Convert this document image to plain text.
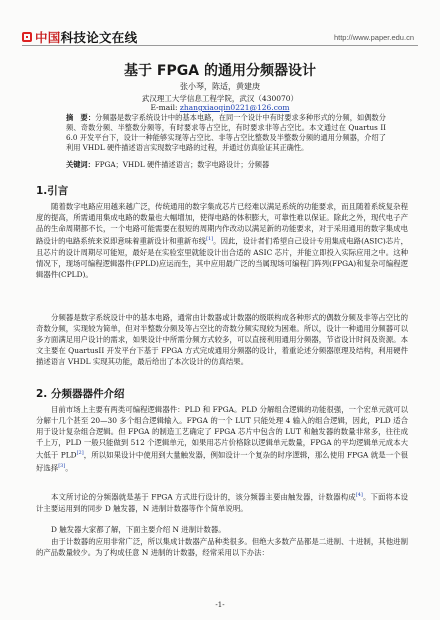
中国 科技论文在线	http://www.paper.edu.cn
基于 FPGA 的通用分频器设计
张小琴，陈适，黄建庚
武汉理工大学信息工程学院，武汉（430070）
E-mail: zhangxiaoqin0221@126.com
摘　要：分频器是数字系统设计中的基本电路，在同一个设计中有时要求多种形式的分频，如偶数分频、奇数分频、半整数分频等，有时要求等占空比，有时要求非等占空比。本文通过在 Quartus II 6.0 开发平台下，设计一种能够实现等占空比、非等占空比整数及半整数分频的通用分频器，介绍了利用 VHDL 硬件描述语言实现数字电路的过程，并通过仿真验证其正确性。
关键词：FPGA；VHDL 硬件描述语言；数字电路设计；分频器
1.引言
随着数字电路应用越来越广泛，传统通用的数字集成芯片已经难以满足系统的功能要求，而且随着系统复杂程度的提高，所需通用集成电路的数量也大幅增加，使得电路的体积膨大，可靠性难以保证。除此之外，现代电子产品的生命周期都不长，一个电路可能需要在很短的周期内作改动以满足新的功能要求，对于采用通用的数字集成电路设计的电路系统来说即意味着重新设计和重新布线[1]。因此，设计者们希望自己设计专用集成电路(ASIC)芯片，且芯片的设计周期尽可能短，最好是在实验室里就能设计出合适的 ASIC 芯片，并能立即投入实际应用之中。这种情况下，现场可编程逻辑器件(FPLD)应运而生，其中应用最广泛的当属现场可编程门阵列(FPGA)和复杂可编程逻辑器件(CPLD)。
分频器是数字系统设计中的基本电路，通常由计数器或计数器的级联构成各种形式的偶数分频及非等占空比的奇数分频，实现较为简单，但对半整数分频及等占空比的奇数分频实现较为困难。所以，设计一种通用分频器可以多方面满足用户设计的需求，如果设计中所需分频方式较多，可以直接利用通用分频器，节省设计时间及资源。本文主要在 QuartusII 开发平台下基于 FPGA 方式完成通用分频器的设计，着重论述分频器原理及结构，利用硬件描述语言 VHDL 实现其功能，最后给出了本次设计的仿真结果。
2. 分频器器件介绍
目前市场上主要有两类可编程逻辑器件：PLD 和 FPGA。PLD 分解组合逻辑的功能很强，一个宏单元就可以分解十几个甚至 20—30 多个组合逻辑输入。FPGA 的一个 LUT 只能处理 4 输入的组合逻辑，因此，PLD 适合用于设计复杂组合逻辑。但 FPGA 的制造工艺确定了 FPGA 芯片中包含的 LUT 和触发器的数量非常多，往往成千上万，PLD 一般只能做到 512 个逻辑单元，如果用芯片价格除以逻辑单元数量，FPGA 的平均逻辑单元成本大大低于 PLD[2]，所以如果设计中使用到大量触发器，例如设计一个复杂的时序逻辑，那么使用 FPGA 就是一个很好选择[3]。
本文所讨论的分频器就是基于 FPGA 方式进行设计的，该分频器主要由触发器，计数器构成[4]。下面将本设计主要运用到的同步 D 触发器，N 进制计数器等作个简单说明。
D 触发器大家都了解，下面主要介绍 N 进制计数器。
由于计数器的应用非常广泛，所以集成计数器产品种类很多。但绝大多数产品都是二进制、十进制，其他进制的产品数量较少。为了构成任意 N 进制的计数器，经常采用以下办法：
-1-
